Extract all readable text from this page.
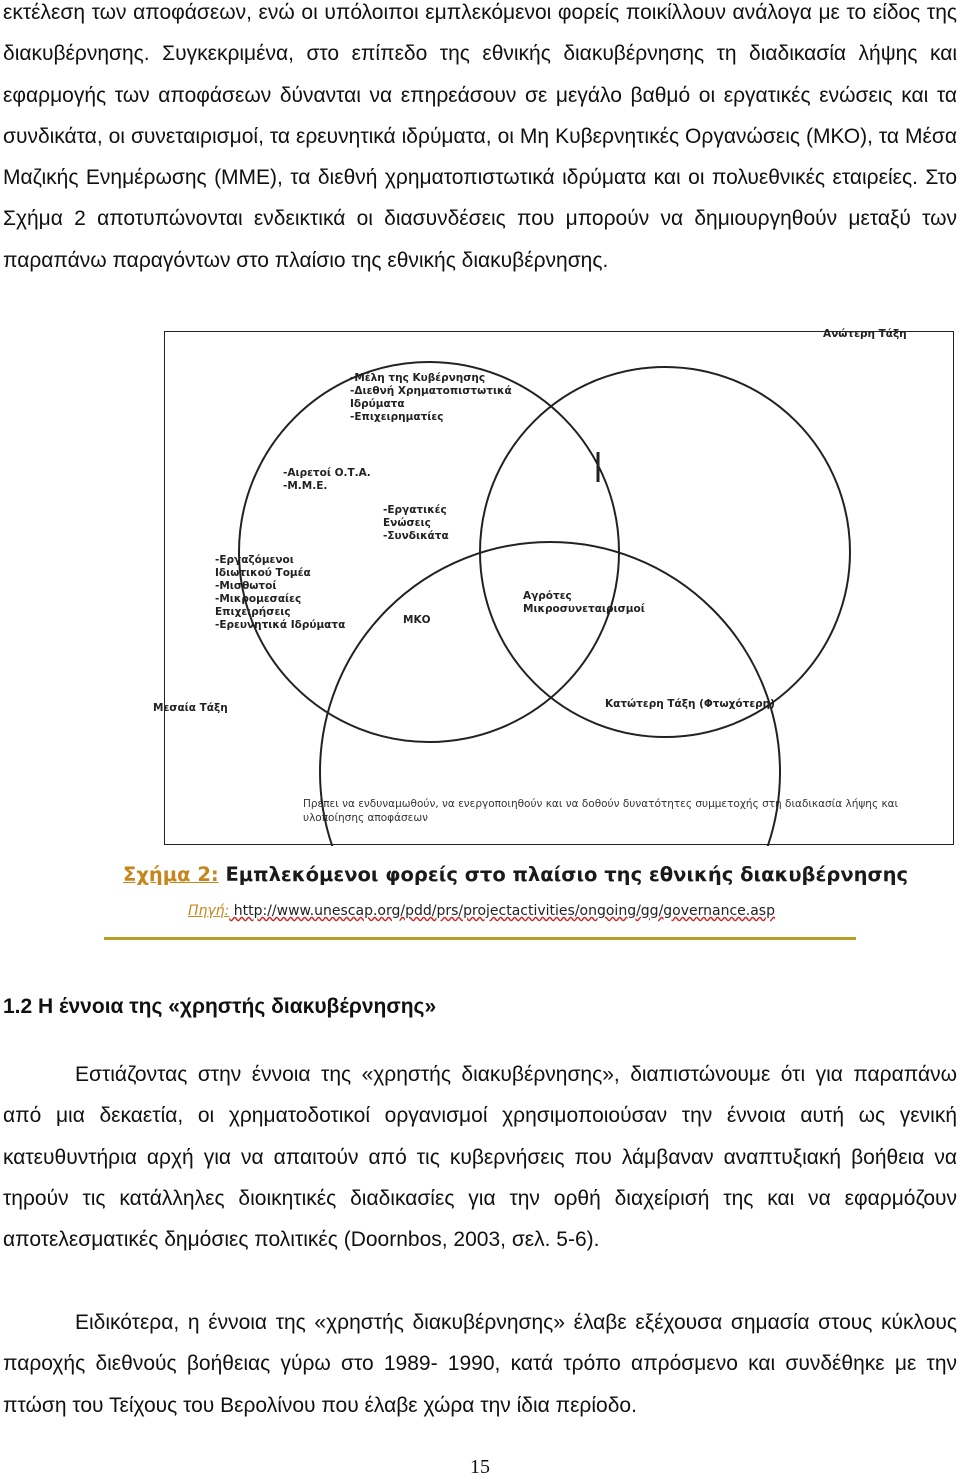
εκτέλεση των αποφάσεων, ενώ οι υπόλοιποι εμπλεκόμενοι φορείς ποικίλλουν ανάλογα με το είδος της διακυβέρνησης. Συγκεκριμένα, στο επίπεδο της εθνικής διακυβέρνησης τη διαδικασία λήψης και εφαρμογής των αποφάσεων δύνανται να επηρεάσουν σε μεγάλο βαθμό οι εργατικές ενώσεις και τα συνδικάτα, οι συνεταιρισμοί, τα ερευνητικά ιδρύματα, οι Μη Κυβερνητικές Οργανώσεις (ΜΚΟ), τα Μέσα Μαζικής Ενημέρωσης (ΜΜΕ), τα διεθνή χρηματοπιστωτικά ιδρύματα και οι πολυεθνικές εταιρείες. Στο Σχήμα 2 αποτυπώνονται ενδεικτικά οι διασυνδέσεις που μπορούν να δημιουργηθούν μεταξύ των παραπάνω παραγόντων στο πλαίσιο της εθνικής διακυβέρνησης.

Ανώτερη Τάξη
-Μέλη της Κυβέρνησης
-Διεθνή Χρηματοπιστωτικά
Ιδρύματα
-Επιχειρηματίες
-Αιρετοί Ο.Τ.Α.
-Μ.Μ.Ε.
-Εργατικές
Ενώσεις
-Συνδικάτα
-Εργαζόμενοι
Ιδιωτικού Τομέα
-Μισθωτοί
-Μικρομεσαίες
Επιχειρήσεις
-Ερευνητικά Ιδρύματα	ΜΚΟ
Αγρότες
Μικροσυνεταιρισμοί
Μεσαία Τάξη	Κατώτερη Τάξη (Φτωχότερη)
Πρέπει να ενδυναμωθούν, να ενεργοποιηθούν και να δοθούν δυνατότητες συμμετοχής στη διαδικασία λήψης και υλοποίησης αποφάσεων
Σχήμα 2: Εμπλεκόμενοι φορείς στο πλαίσιο της εθνικής διακυβέρνησης
Πηγή: http://www.unescap.org/pdd/prs/projectactivities/ongoing/gg/governance.asp
1.2 Η έννοια της «χρηστής διακυβέρνησης»

Εστιάζοντας στην έννοια της «χρηστής διακυβέρνησης», διαπιστώνουμε ότι για παραπάνω από μια δεκαετία, οι χρηματοδοτικοί οργανισμοί χρησιμοποιούσαν την έννοια αυτή ως γενική κατευθυντήρια αρχή για να απαιτούν από τις κυβερνήσεις που λάμβαναν αναπτυξιακή βοήθεια να τηρούν τις κατάλληλες διοικητικές διαδικασίες για την ορθή διαχείρισή της και να εφαρμόζουν αποτελεσματικές δημόσιες πολιτικές (Doornbos, 2003, σελ. 5-6).

Ειδικότερα, η έννοια της «χρηστής διακυβέρνησης» έλαβε εξέχουσα σημασία στους κύκλους παροχής διεθνούς βοήθειας γύρω στο 1989- 1990, κατά τρόπο απρόσμενο και συνδέθηκε με την πτώση του Τείχους του Βερολίνου που έλαβε χώρα την ίδια περίοδο.

15
